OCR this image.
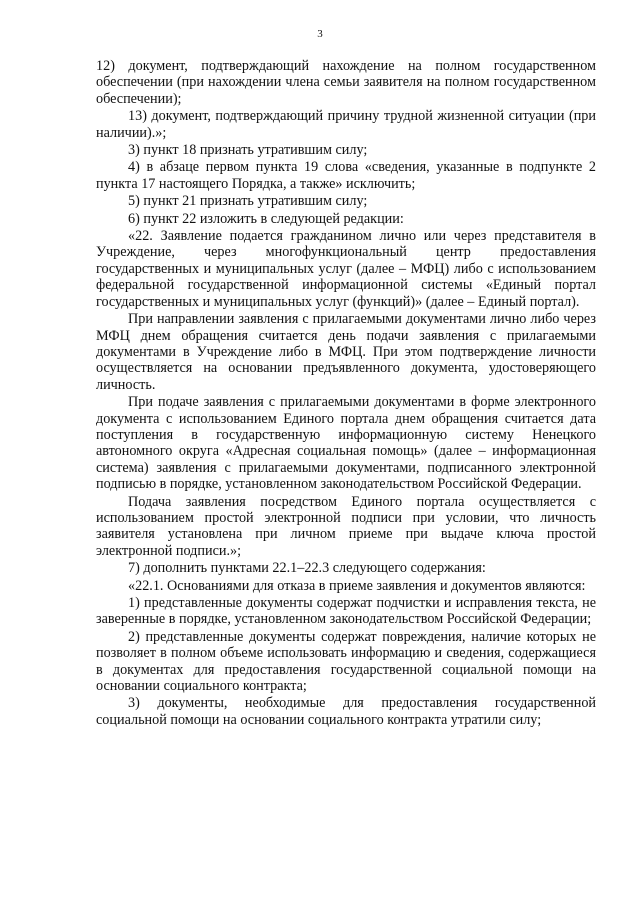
3

12) документ, подтверждающий нахождение на полном государственном обеспечении (при нахождении члена семьи заявителя на полном государственном обеспечении);

13) документ, подтверждающий причину трудной жизненной ситуации (при наличии).»;

3) пункт 18 признать утратившим силу;

4) в абзаце первом пункта 19 слова «сведения, указанные в подпункте 2 пункта 17 настоящего Порядка, а также» исключить;

5) пункт 21 признать утратившим силу;

6) пункт 22 изложить в следующей редакции:

«22. Заявление подается гражданином лично или через представителя в Учреждение, через многофункциональный центр предоставления государственных и муниципальных услуг (далее – МФЦ) либо с использованием федеральной государственной информационной системы «Единый портал государственных и муниципальных услуг (функций)» (далее – Единый портал).

При направлении заявления с прилагаемыми документами лично либо через МФЦ днем обращения считается день подачи заявления с прилагаемыми документами в Учреждение либо в МФЦ. При этом подтверждение личности осуществляется на основании предъявленного документа, удостоверяющего личность.

При подаче заявления с прилагаемыми документами в форме электронного документа с использованием Единого портала днем обращения считается дата поступления в государственную информационную систему Ненецкого автономного округа «Адресная социальная помощь» (далее – информационная система) заявления с прилагаемыми документами, подписанного электронной подписью в порядке, установленном законодательством Российской Федерации.

Подача заявления посредством Единого портала осуществляется с использованием простой электронной подписи при условии, что личность заявителя установлена при личном приеме при выдаче ключа простой электронной подписи.»;

7) дополнить пунктами 22.1–22.3 следующего содержания:

«22.1. Основаниями для отказа в приеме заявления и документов являются:

1) представленные документы содержат подчистки и исправления текста, не заверенные в порядке, установленном законодательством Российской Федерации;

2) представленные документы содержат повреждения, наличие которых не позволяет в полном объеме использовать информацию и сведения, содержащиеся в документах для предоставления государственной социальной помощи на основании социального контракта;

3) документы, необходимые для предоставления государственной социальной помощи на основании социального контракта утратили силу;
